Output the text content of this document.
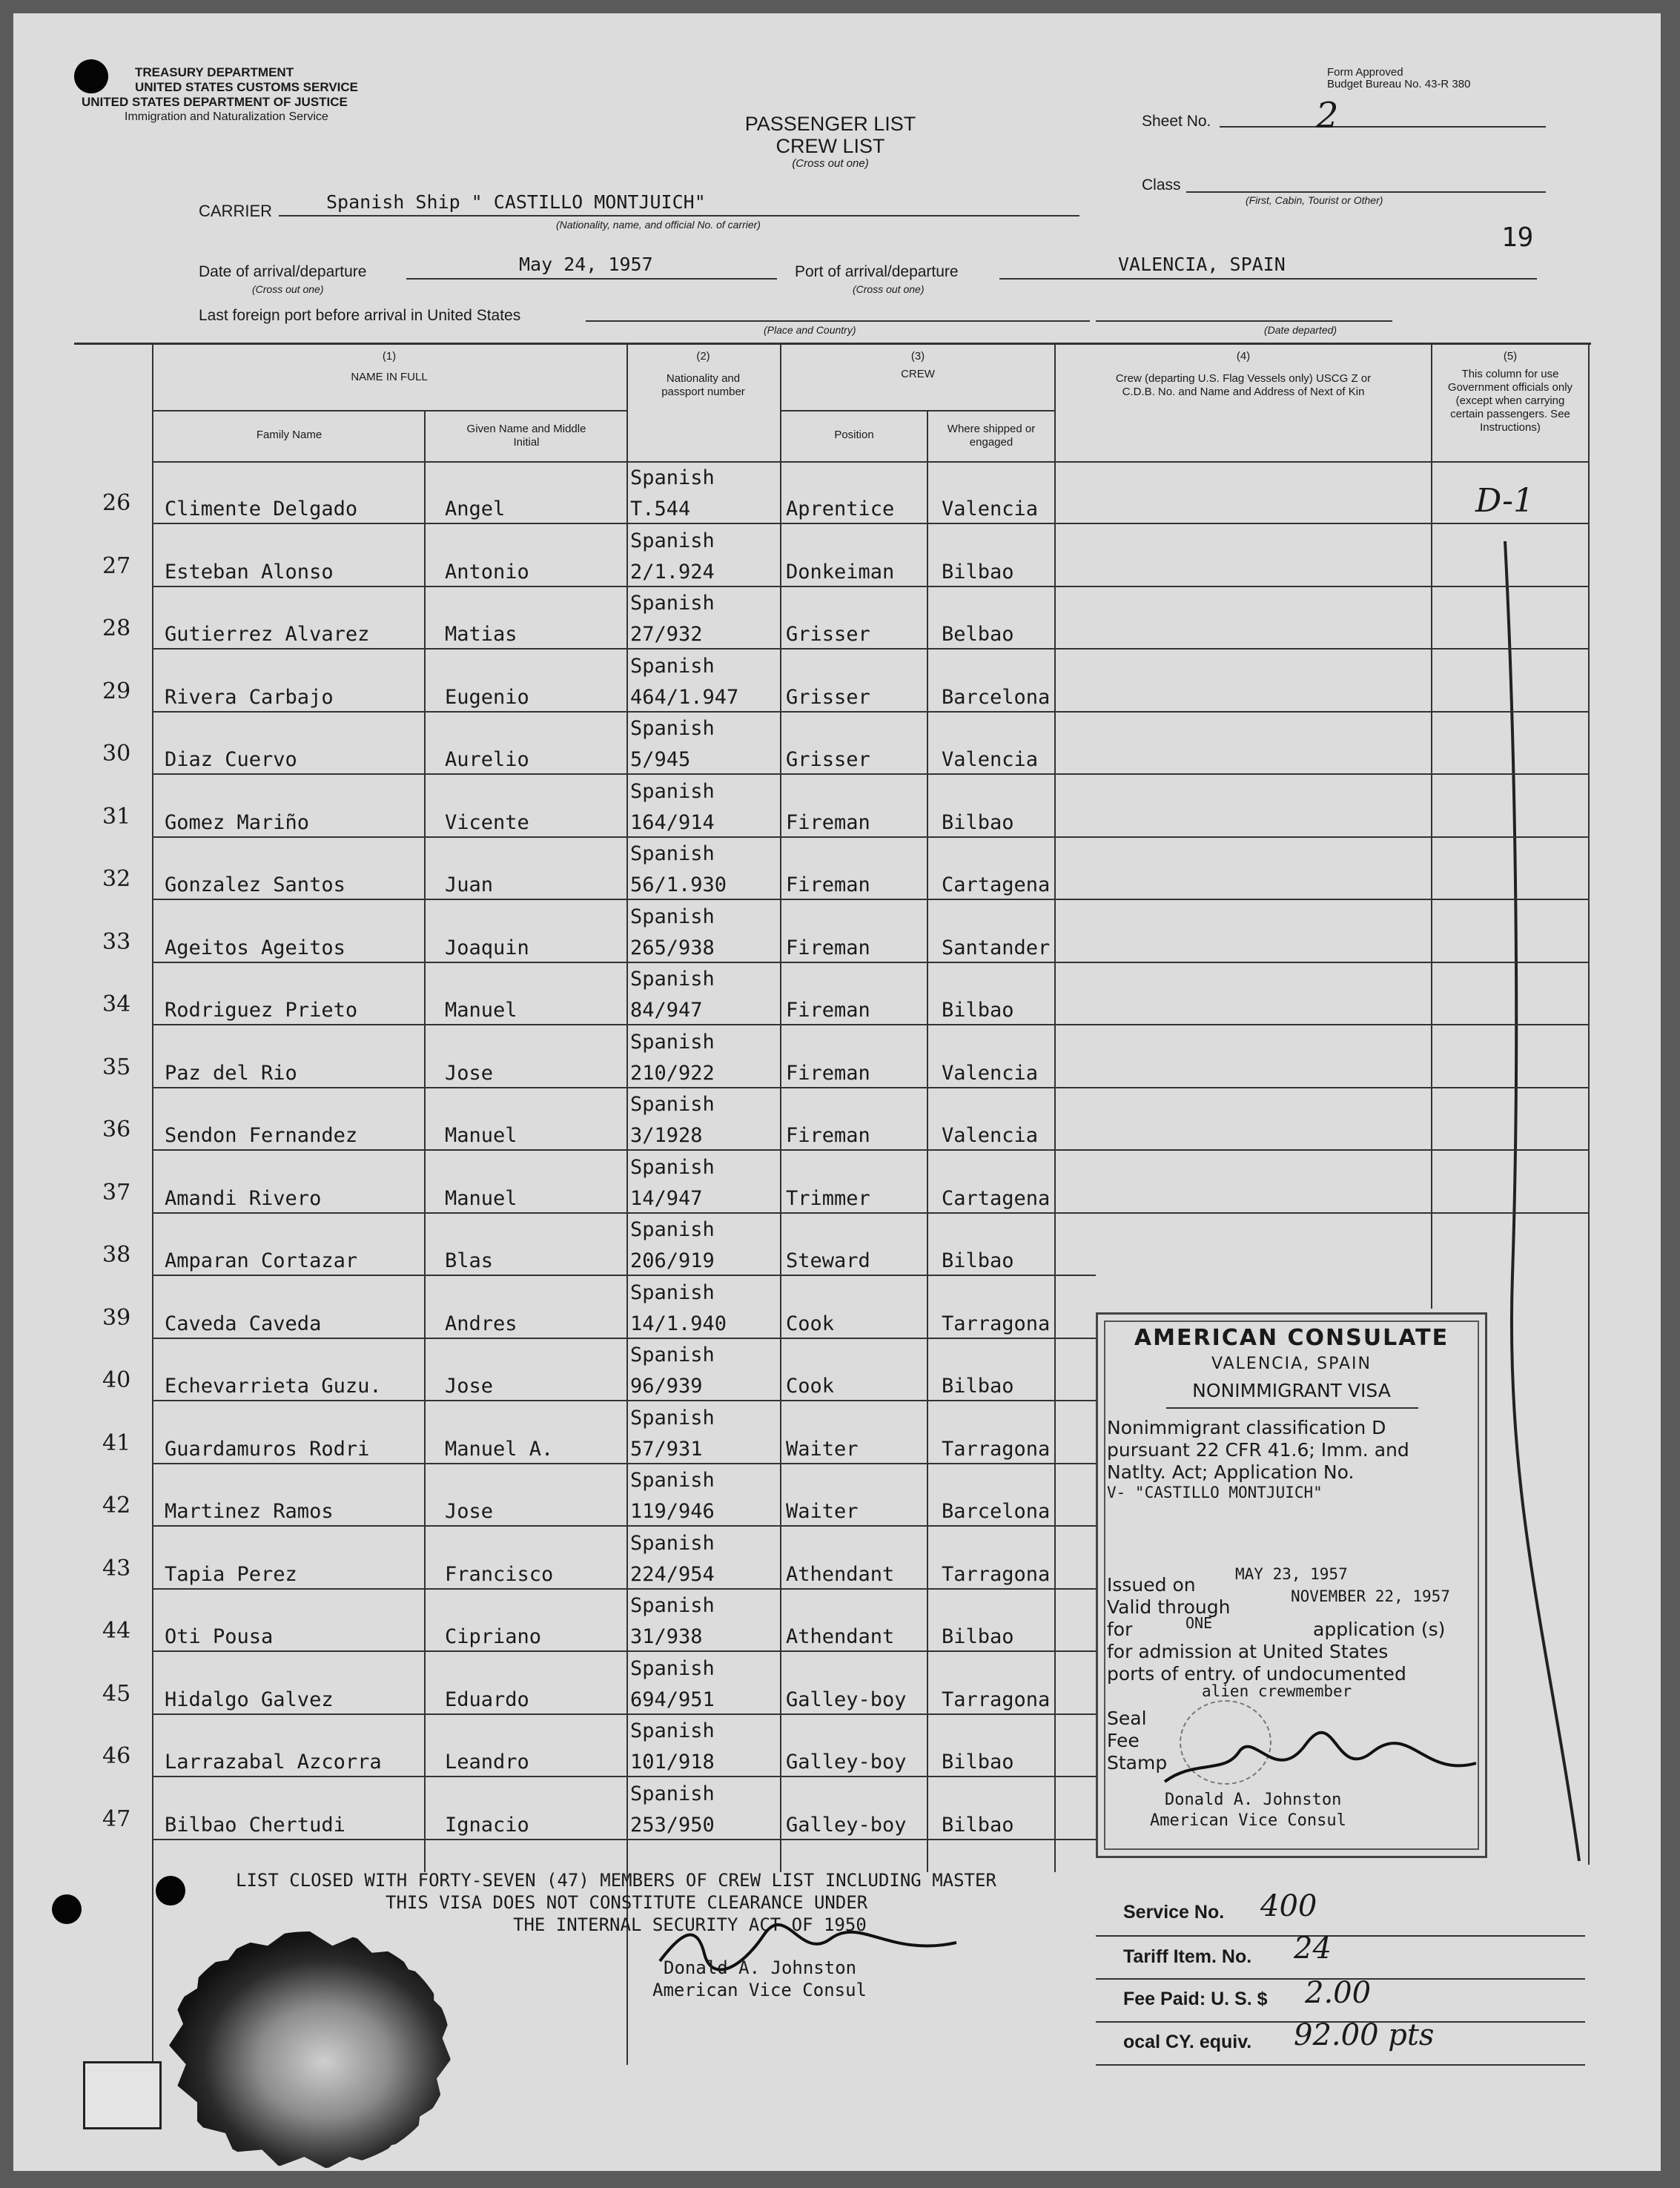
TREASURY DEPARTMENT
UNITED STATES CUSTOMS SERVICE
UNITED STATES DEPARTMENT OF JUSTICE
Immigration and Naturalization Service	PASSENGER LIST
CREW LIST
(Cross out one)
Form Approved
Budget Bureau No. 43-R 380
Sheet No.	2
Class
(First, Cabin, Tourist or Other)
CARRIER	Spanish Ship " CASTILLO MONTJUICH"
(Nationality, name, and official No. of carrier)
Date of arrival/departure
(Cross out one)
May 24, 1957	Port of arrival/departure
(Cross out one)
VALENCIA, SPAIN
19
Last foreign port before arrival in United States
(Place and Country)	(Date departed)
(1)
NAME IN FULL
Family Name	Given Name and Middle Initial
(2)
Nationality and passport number
(3)
CREW
Position	Where shipped or engaged
(4)
Crew (departing U.S. Flag Vessels only) USCG Z or C.D.B. No. and Name and Address of Next of Kin
(5)
This column for use Government officials only (except when carrying certain passengers. See Instructions)
D-1
26 Climente Delgado	Angel
Spanish
T.544	Aprentice Valencia
27 Esteban Alonso	Antonio
Spanish
2/1.924	Donkeiman Bilbao
28 Gutierrez Alvarez	Matias
Spanish
27/932	Grisser	Belbao
29 Rivera Carbajo	Eugenio
Spanish
464/1.947 Grisser	Barcelona
30 Diaz Cuervo	Aurelio
Spanish
5/945	Grisser	Valencia
31 Gomez Mariño	Vicente
Spanish
164/914	Fireman	Bilbao
32 Gonzalez Santos	Juan
Spanish
56/1.930	Fireman	Cartagena
33 Ageitos Ageitos	Joaquin
Spanish
265/938	Fireman	Santander
34 Rodriguez Prieto	Manuel
Spanish
84/947	Fireman	Bilbao
35 Paz del Rio	Jose
Spanish
210/922	Fireman	Valencia
36 Sendon Fernandez	Manuel
Spanish
3/1928	Fireman	Valencia
37 Amandi Rivero	Manuel
Spanish
14/947	Trimmer	Cartagena
38 Amparan Cortazar	Blas
Spanish
206/919	Steward	Bilbao
39 Caveda Caveda	Andres
Spanish
14/1.940	Cook	Tarragona
40 Echevarrieta Guzu.	Jose
Spanish
96/939	Cook	Bilbao
41 Guardamuros Rodri	Manuel A.
Spanish
57/931	Waiter	Tarragona
42 Martinez Ramos	Jose
Spanish
119/946	Waiter	Barcelona
43 Tapia Perez	Francisco
Spanish
224/954	Athendant Tarragona
44 Oti Pousa	Cipriano
Spanish
31/938	Athendant Bilbao
45 Hidalgo Galvez	Eduardo
Spanish
694/951	Galley-boy Tarragona
46 Larrazabal Azcorra	Leandro
Spanish
101/918	Galley-boy Bilbao
47 Bilbao Chertudi	Ignacio
Spanish
253/950	Galley-boy Bilbao
LIST CLOSED WITH FORTY-SEVEN (47) MEMBERS OF CREW LIST INCLUDING MASTER
THIS VISA DOES NOT CONSTITUTE CLEARANCE UNDER
THE INTERNAL SECURITY ACT OF 1950
Donald A. Johnston
American Vice Consul
AMERICAN CONSULATE
VALENCIA, SPAIN
NONIMMIGRANT VISA
Nonimmigrant classification D
pursuant 22 CFR 41.6; Imm. and
Natlty. Act; Application No.
V- "CASTILLO MONTJUICH"
Issued on	MAY 23, 1957
Valid through	NOVEMBER 22, 1957
for	ONE	application (s)
for admission at United States
ports of entry. of undocumented
alien crewmember
Seal
Fee
Stamp
Donald A. Johnston
American Vice Consul
Service No. 400
Tariff Item. No. 24
Fee Paid: U. S. $ 2.00
ocal CY. equiv. 92.00 pts
